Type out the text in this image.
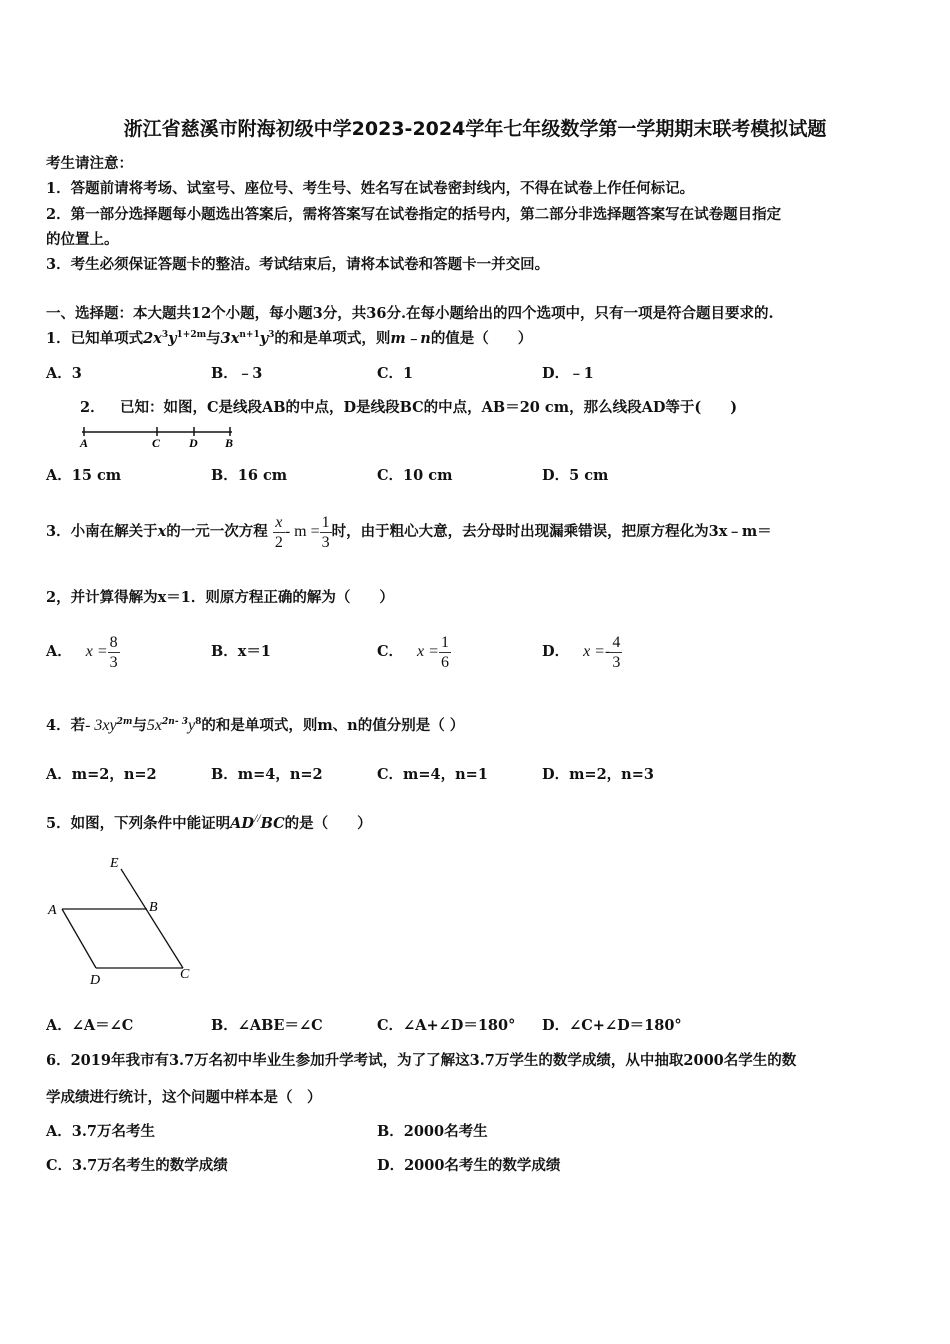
浙江省慈溪市附海初级中学2023-2024学年七年级数学第一学期期末联考模拟试题
考生请注意：
1．答题前请将考场、试室号、座位号、考生号、姓名写在试卷密封线内，不得在试卷上作任何标记。
2．第一部分选择题每小题选出答案后，需将答案写在试卷指定的括号内，第二部分非选择题答案写在试卷题目指定
的位置上。
3．考生必须保证答题卡的整洁。考试结束后，请将本试卷和答题卡一并交回。
一、选择题：本大题共12个小题，每小题3分，共36分.在每小题给出的四个选项中，只有一项是符合题目要求的.
1．已知单项式$2x^3y^{1+2m}$与$3x^{n+1}y^3$的和是单项式，则m﹣n的值是（　　）
A．3	B．﹣3	C．1	D．﹣1
2． 已知：如图，C是线段AB的中点，D是线段BC的中点，AB＝20 cm，那么线段AD等于(　　)
A	C D B
A．15 cm	B．16 cm	C．10 cm	D．5 cm
3．小南在解关于x的一元一次方程 $\frac{x}{2} - m = \frac{1}{3}$ 时，由于粗心大意，去分母时出现漏乘错误，把原方程化为3x﹣m＝
2，并计算得解为x＝1．则原方程正确的解为（　　）
A． $x = \frac{8}{3}$	B．x＝1	C． $x = \frac{1}{6}$	D． $x =- \frac{4}{3}$
4．若- $3xy^{2m}$与$5x^{2n- 3}y^8$的和是单项式，则m、n的值分别是（ ）
A．m=2，n=2	B．m=4，n=2	C．m=4，n=1	D．m=2，n=3
5．如图，下列条件中能证明AD//BC的是（　　）
E
A	B
D	C
A．∠A＝∠C	B．∠ABE＝∠C	C．∠A+∠D＝180° D．∠C+∠D＝180°
6．2019年我市有3.7万名初中毕业生参加升学考试，为了了解这3.7万学生的数学成绩，从中抽取2000名学生的数
学成绩进行统计，这个问题中样本是（　）
A．3.7万名考生	B．2000名考生
C．3.7万名考生的数学成绩	D．2000名考生的数学成绩
